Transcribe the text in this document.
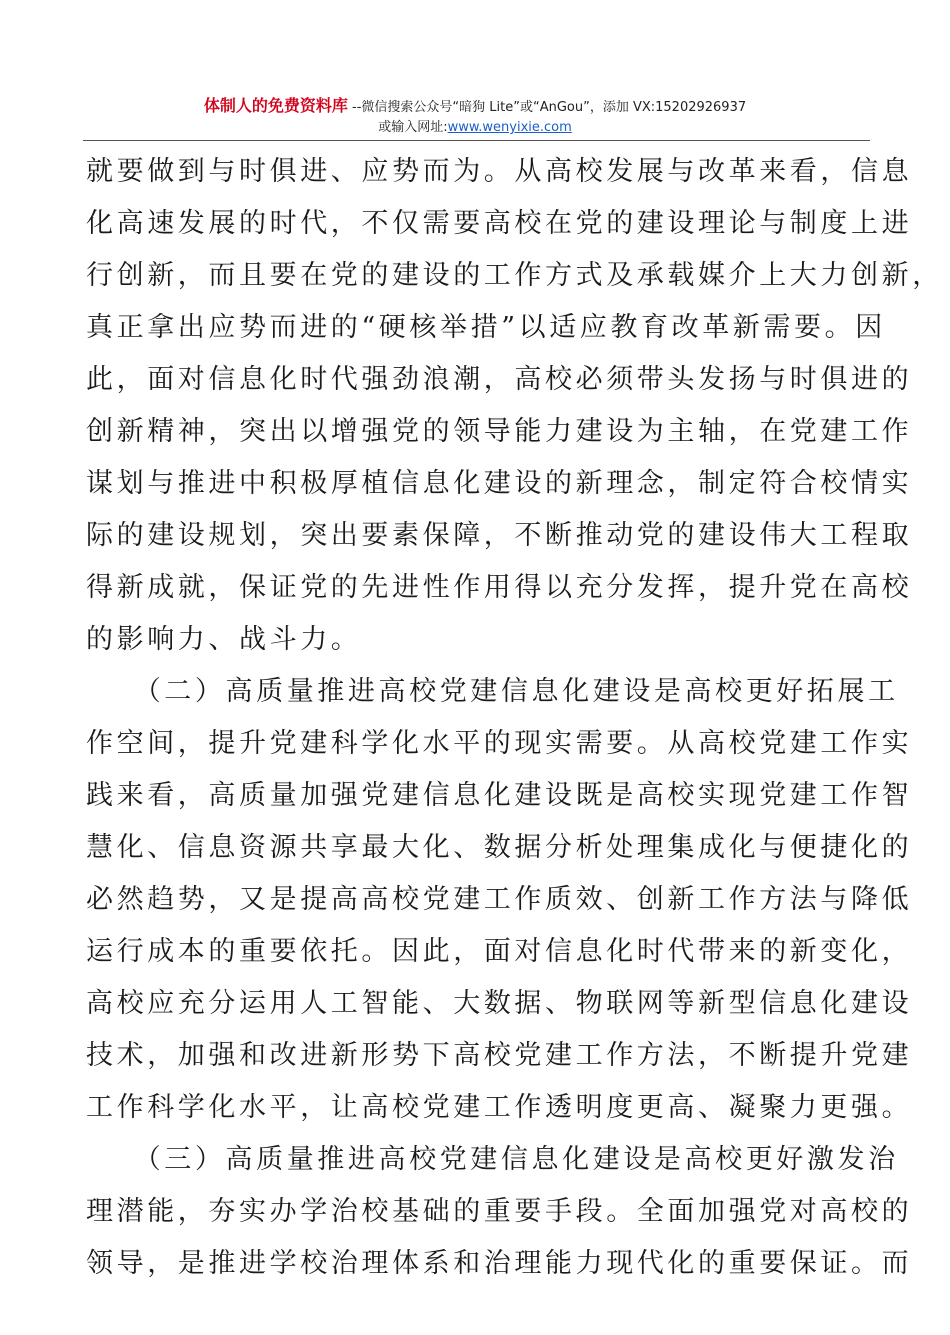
体制人的免费资料库 --微信搜索公众号“暗狗 Lite”或“AnGou”，添加 VX:15202926937
或输入网址:www.wenyixie.com
就要做到与时俱进、应势而为。从高校发展与改革来看，信息
化高速发展的时代，不仅需要高校在党的建设理论与制度上进
行创新，而且要在党的建设的工作方式及承载媒介上大力创新，
真正拿出应势而进的“硬核举措”以适应教育改革新需要。因
此，面对信息化时代强劲浪潮，高校必须带头发扬与时俱进的
创新精神，突出以增强党的领导能力建设为主轴，在党建工作
谋划与推进中积极厚植信息化建设的新理念，制定符合校情实
际的建设规划，突出要素保障，不断推动党的建设伟大工程取
得新成就，保证党的先进性作用得以充分发挥，提升党在高校
的影响力、战斗力。
　　（二）高质量推进高校党建信息化建设是高校更好拓展工
作空间，提升党建科学化水平的现实需要。从高校党建工作实
践来看，高质量加强党建信息化建设既是高校实现党建工作智
慧化、信息资源共享最大化、数据分析处理集成化与便捷化的
必然趋势，又是提高高校党建工作质效、创新工作方法与降低
运行成本的重要依托。因此，面对信息化时代带来的新变化，
高校应充分运用人工智能、大数据、物联网等新型信息化建设
技术，加强和改进新形势下高校党建工作方法，不断提升党建
工作科学化水平，让高校党建工作透明度更高、凝聚力更强。
　　（三）高质量推进高校党建信息化建设是高校更好激发治
理潜能，夯实办学治校基础的重要手段。全面加强党对高校的
领导，是推进学校治理体系和治理能力现代化的重要保证。而
